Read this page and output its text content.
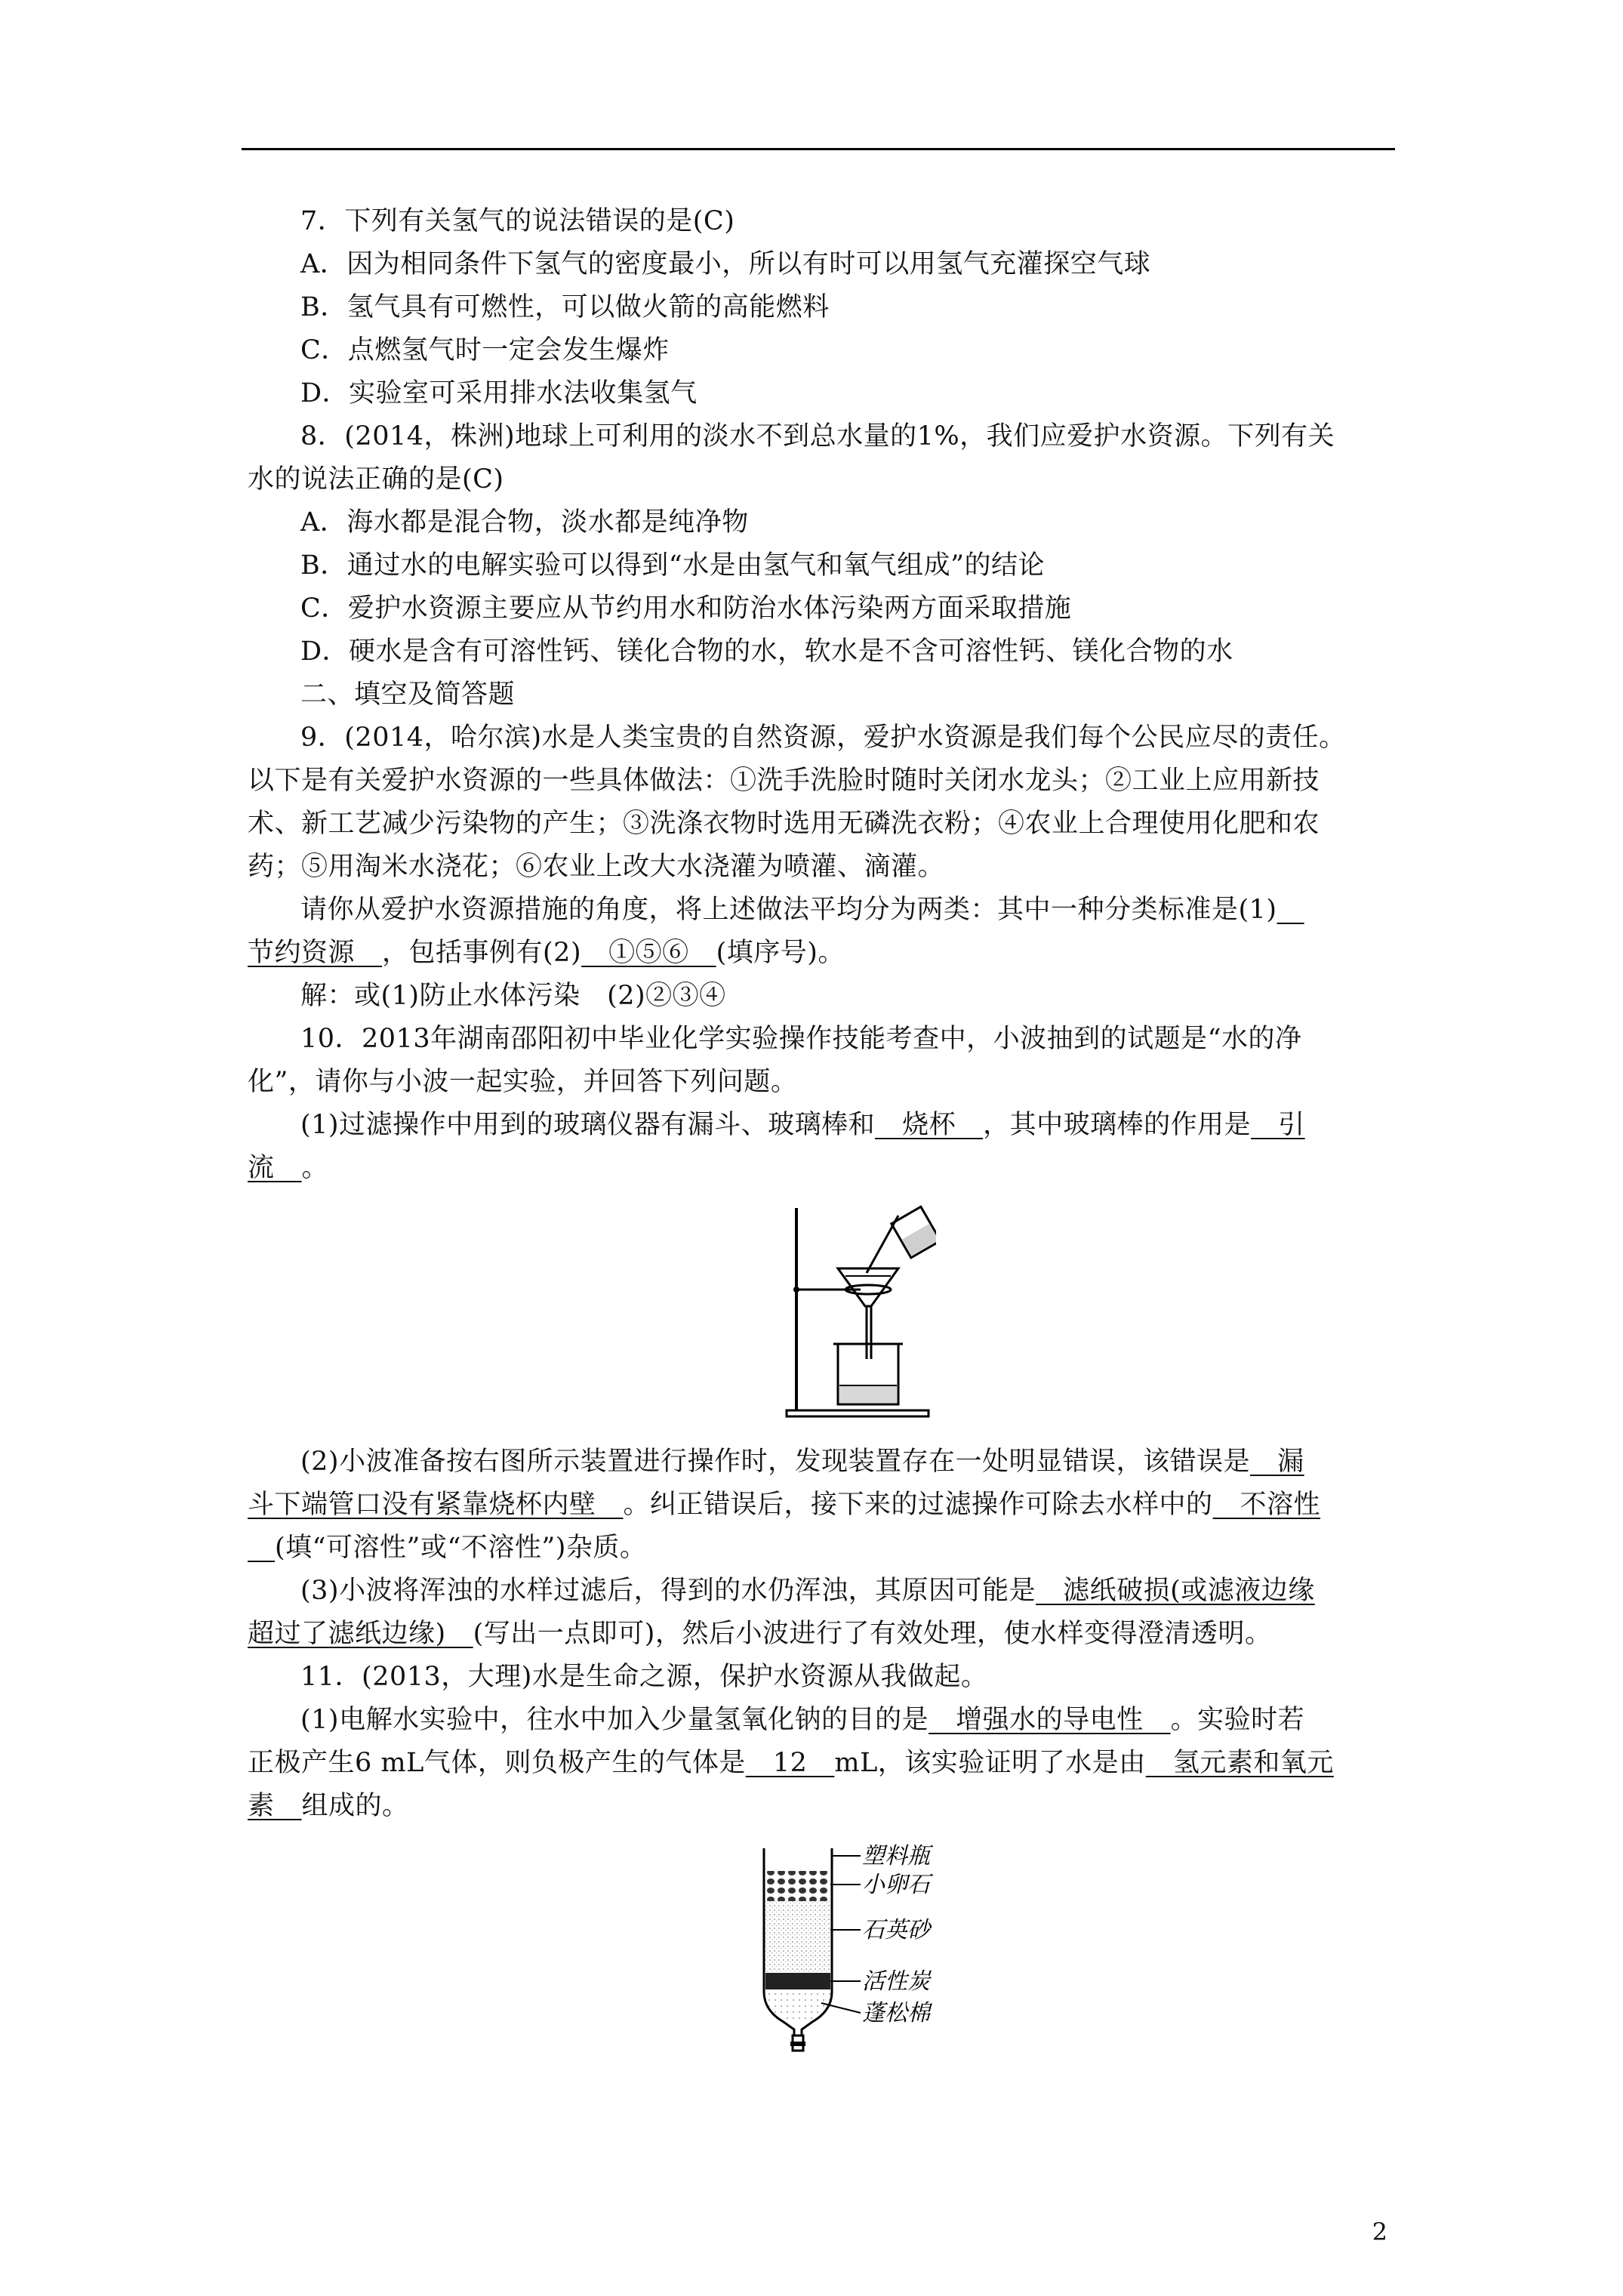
7．下列有关氢气的说法错误的是(C)
A．因为相同条件下氢气的密度最小，所以有时可以用氢气充灌探空气球
B．氢气具有可燃性，可以做火箭的高能燃料
C．点燃氢气时一定会发生爆炸
D．实验室可采用排水法收集氢气
8．(2014，株洲)地球上可利用的淡水不到总水量的1%，我们应爱护水资源。下列有关
水的说法正确的是(C)
A．海水都是混合物，淡水都是纯净物
B．通过水的电解实验可以得到“水是由氢气和氧气组成”的结论
C．爱护水资源主要应从节约用水和防治水体污染两方面采取措施
D．硬水是含有可溶性钙、镁化合物的水，软水是不含可溶性钙、镁化合物的水
二、填空及简答题
9．(2014，哈尔滨)水是人类宝贵的自然资源，爱护水资源是我们每个公民应尽的责任。
以下是有关爱护水资源的一些具体做法：①洗手洗脸时随时关闭水龙头；②工业上应用新技
术、新工艺减少污染物的产生；③洗涤衣物时选用无磷洗衣粉；④农业上合理使用化肥和农
药；⑤用淘米水浇花；⑥农业上改大水浇灌为喷灌、滴灌。
请你从爱护水资源措施的角度，将上述做法平均分为两类：其中一种分类标准是(1)__
节约资源__，包括事例有(2)__①⑤⑥__(填序号)。
解：或(1)防止水体污染　(2)②③④
10．2013年湖南邵阳初中毕业化学实验操作技能考查中，小波抽到的试题是“水的净
化”，请你与小波一起实验，并回答下列问题。
(1)过滤操作中用到的玻璃仪器有漏斗、玻璃棒和__烧杯__，其中玻璃棒的作用是__引
流__。
(2)小波准备按右图所示装置进行操作时，发现装置存在一处明显错误，该错误是__漏
斗下端管口没有紧靠烧杯内壁__。纠正错误后，接下来的过滤操作可除去水样中的__不溶性
__(填“可溶性”或“不溶性”)杂质。
(3)小波将浑浊的水样过滤后，得到的水仍浑浊，其原因可能是__滤纸破损(或滤液边缘
超过了滤纸边缘)__(写出一点即可)，然后小波进行了有效处理，使水样变得澄清透明。
11．(2013，大理)水是生命之源，保护水资源从我做起。
(1)电解水实验中，往水中加入少量氢氧化钠的目的是__增强水的导电性__。实验时若
正极产生6 mL气体，则负极产生的气体是__12__mL，该实验证明了水是由__氢元素和氧元
素__组成的。
塑料瓶
小卵石
石英砂
活性炭
蓬松棉
2
